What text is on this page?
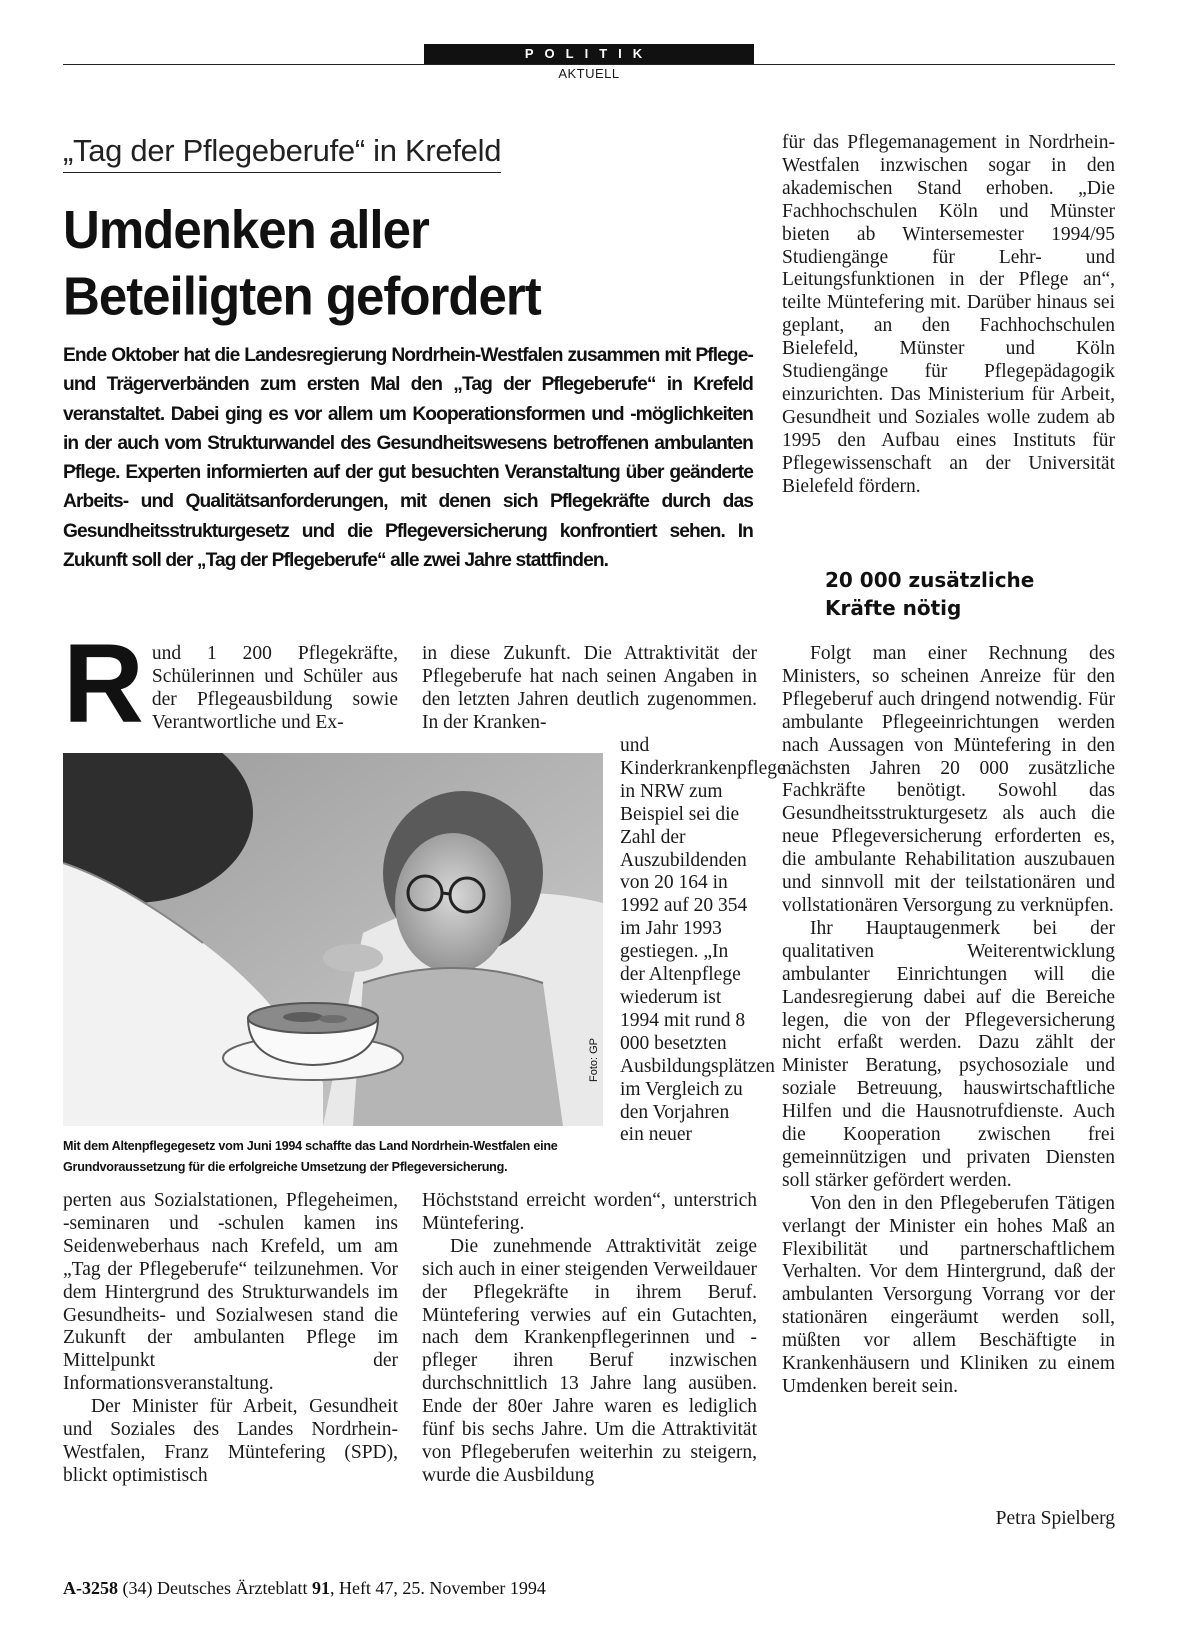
POLITIK
AKTUELL
„Tag der Pflegeberufe“ in Krefeld
Umdenken aller
Beteiligten gefordert
Ende Oktober hat die Landesregierung Nordrhein-Westfalen zusammen mit Pflege- und Trägerverbänden zum ersten Mal den „Tag der Pflegeberufe“ in Krefeld veranstaltet. Dabei ging es vor allem um Kooperationsformen und -möglichkeiten in der auch vom Strukturwandel des Gesundheitswesens betroffenen ambulanten Pflege. Experten informierten auf der gut besuchten Veranstaltung über geänderte Arbeits- und Qualitätsanforderungen, mit denen sich Pflegekräfte durch das Gesundheitsstrukturgesetz und die Pflegeversicherung konfrontiert sehen. In Zukunft soll der „Tag der Pflegeberufe“ alle zwei Jahre stattfinden.

für das Pflegemanagement in Nordrhein-Westfalen inzwischen sogar in den akademischen Stand erhoben. „Die Fachhochschulen Köln und Münster bieten ab Wintersemester 1994/95 Studiengänge für Lehr- und Leitungsfunktionen in der Pflege an“, teilte Müntefering mit. Darüber hinaus sei geplant, an den Fachhochschulen Bielefeld, Münster und Köln Studiengänge für Pflegepädagogik einzurichten. Das Ministerium für Arbeit, Gesundheit und Soziales wolle zudem ab 1995 den Aufbau eines Instituts für Pflegewissenschaft an der Universität Bielefeld fördern.

20 000 zusätzliche
Kräfte nötig

Folgt man einer Rechnung des Ministers, so scheinen Anreize für den Pflegeberuf auch dringend notwendig. Für ambulante Pflegeeinrichtungen werden nach Aussagen von Müntefering in den nächsten Jahren 20 000 zusätzliche Fachkräfte benötigt. Sowohl das Gesundheitsstrukturgesetz als auch die neue Pflegeversicherung erforderten es, die ambulante Rehabilitation auszubauen und sinnvoll mit der teilstationären und vollstationären Versorgung zu verknüpfen.

Ihr Hauptaugenmerk bei der qualitativen Weiterentwicklung ambulanter Einrichtungen will die Landesregierung dabei auf die Bereiche legen, die von der Pflegeversicherung nicht erfaßt werden. Dazu zählt der Minister Beratung, psychosoziale und soziale Betreuung, hauswirtschaftliche Hilfen und die Hausnotrufdienste. Auch die Kooperation zwischen frei gemeinnützigen und privaten Diensten soll stärker gefördert werden.

Von den in den Pflegeberufen Tätigen verlangt der Minister ein hohes Maß an Flexibilität und partnerschaftlichem Verhalten. Vor dem Hintergrund, daß der ambulanten Versorgung Vorrang vor der stationären eingeräumt werden soll, müßten vor allem Beschäftigte in Krankenhäusern und Kliniken zu einem Umdenken bereit sein.

Petra Spielberg
R und 1 200 Pflegekräfte, Schülerinnen und Schüler aus der Pflegeausbildung sowie Verantwortliche und Ex-

in diese Zukunft. Die Attraktivität der Pflegeberufe hat nach seinen Angaben in den letzten Jahren deutlich zugenommen. In der Kranken-

und Kinderkrankenpflege in NRW zum Beispiel sei die Zahl der Auszubildenden von 20 164 in 1992 auf 20 354 im Jahr 1993 gestiegen. „In der Altenpflege wiederum ist 1994 mit rund 8 000 besetzten Ausbildungsplätzen im Vergleich zu den Vorjahren ein neuer

Foto: GP
Mit dem Altenpflegegesetz vom Juni 1994 schaffte das Land Nordrhein-Westfalen eine Grundvoraussetzung für die erfolgreiche Umsetzung der Pflegeversicherung.

perten aus Sozialstationen, Pflegeheimen, -seminaren und -schulen kamen ins Seidenweberhaus nach Krefeld, um am „Tag der Pflegeberufe“ teilzunehmen. Vor dem Hintergrund des Strukturwandels im Gesundheits- und Sozialwesen stand die Zukunft der ambulanten Pflege im Mittelpunkt der Informationsveranstaltung.

Der Minister für Arbeit, Gesundheit und Soziales des Landes Nordrhein-Westfalen, Franz Müntefering (SPD), blickt optimistisch

Höchststand erreicht worden“, unterstrich Müntefering.

Die zunehmende Attraktivität zeige sich auch in einer steigenden Verweildauer der Pflegekräfte in ihrem Beruf. Müntefering verwies auf ein Gutachten, nach dem Krankenpflegerinnen und -pfleger ihren Beruf inzwischen durchschnittlich 13 Jahre lang ausüben. Ende der 80er Jahre waren es lediglich fünf bis sechs Jahre. Um die Attraktivität von Pflegeberufen weiterhin zu steigern, wurde die Ausbildung

A-3258 (34) Deutsches Ärzteblatt 91, Heft 47, 25. November 1994
